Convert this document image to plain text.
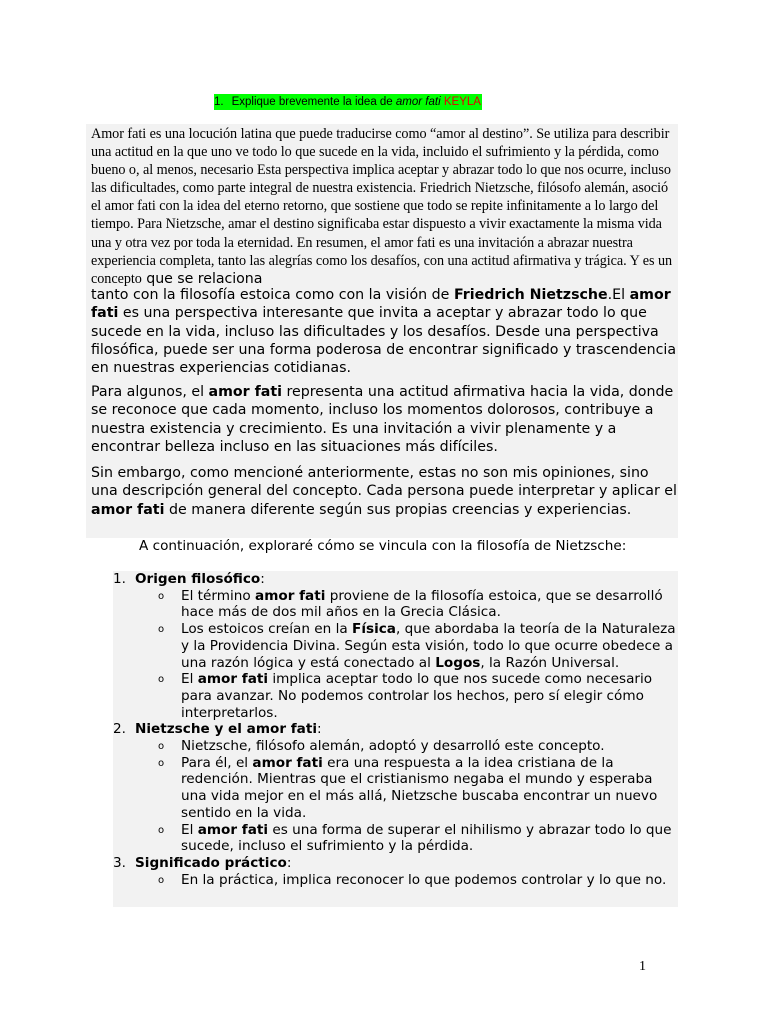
1. Explique brevemente la idea de amor fati KEYLA
Amor fati es una locución latina que puede traducirse como “amor al destino”. Se utiliza para describir una actitud en la que uno ve todo lo que sucede en la vida, incluido el sufrimiento y la pérdida, como bueno o, al menos, necesario Esta perspectiva implica aceptar y abrazar todo lo que nos ocurre, incluso las dificultades, como parte integral de nuestra existencia. Friedrich Nietzsche, filósofo alemán, asoció el amor fati con la idea del eterno retorno, que sostiene que todo se repite infinitamente a lo largo del tiempo. Para Nietzsche, amar el destino significaba estar dispuesto a vivir exactamente la misma vida una y otra vez por toda la eternidad. En resumen, el amor fati es una invitación a abrazar nuestra experiencia completa, tanto las alegrías como los desafíos, con una actitud afirmativa y trágica. Y es un concepto que se relaciona
tanto con la filosofía estoica como con la visión de Friedrich Nietzsche.El amor fati es una perspectiva interesante que invita a aceptar y abrazar todo lo que sucede en la vida, incluso las dificultades y los desafíos. Desde una perspectiva filosófica, puede ser una forma poderosa de encontrar significado y trascendencia en nuestras experiencias cotidianas.
Para algunos, el amor fati representa una actitud afirmativa hacia la vida, donde se reconoce que cada momento, incluso los momentos dolorosos, contribuye a nuestra existencia y crecimiento. Es una invitación a vivir plenamente y a encontrar belleza incluso en las situaciones más difíciles.
Sin embargo, como mencioné anteriormente, estas no son mis opiniones, sino una descripción general del concepto. Cada persona puede interpretar y aplicar el amor fati de manera diferente según sus propias creencias y experiencias.
A continuación, exploraré cómo se vincula con la filosofía de Nietzsche:
1. Origen filosófico:
o El término amor fati proviene de la filosofía estoica, que se desarrolló hace más de dos mil años en la Grecia Clásica.
o Los estoicos creían en la Física, que abordaba la teoría de la Naturaleza y la Providencia Divina. Según esta visión, todo lo que ocurre obedece a una razón lógica y está conectado al Logos, la Razón Universal.
o El amor fati implica aceptar todo lo que nos sucede como necesario para avanzar. No podemos controlar los hechos, pero sí elegir cómo interpretarlos.
2. Nietzsche y el amor fati:
o Nietzsche, filósofo alemán, adoptó y desarrolló este concepto.
o Para él, el amor fati era una respuesta a la idea cristiana de la redención. Mientras que el cristianismo negaba el mundo y esperaba una vida mejor en el más allá, Nietzsche buscaba encontrar un nuevo sentido en la vida.
o El amor fati es una forma de superar el nihilismo y abrazar todo lo que sucede, incluso el sufrimiento y la pérdida.
3. Significado práctico:
o En la práctica, implica reconocer lo que podemos controlar y lo que no.
1
